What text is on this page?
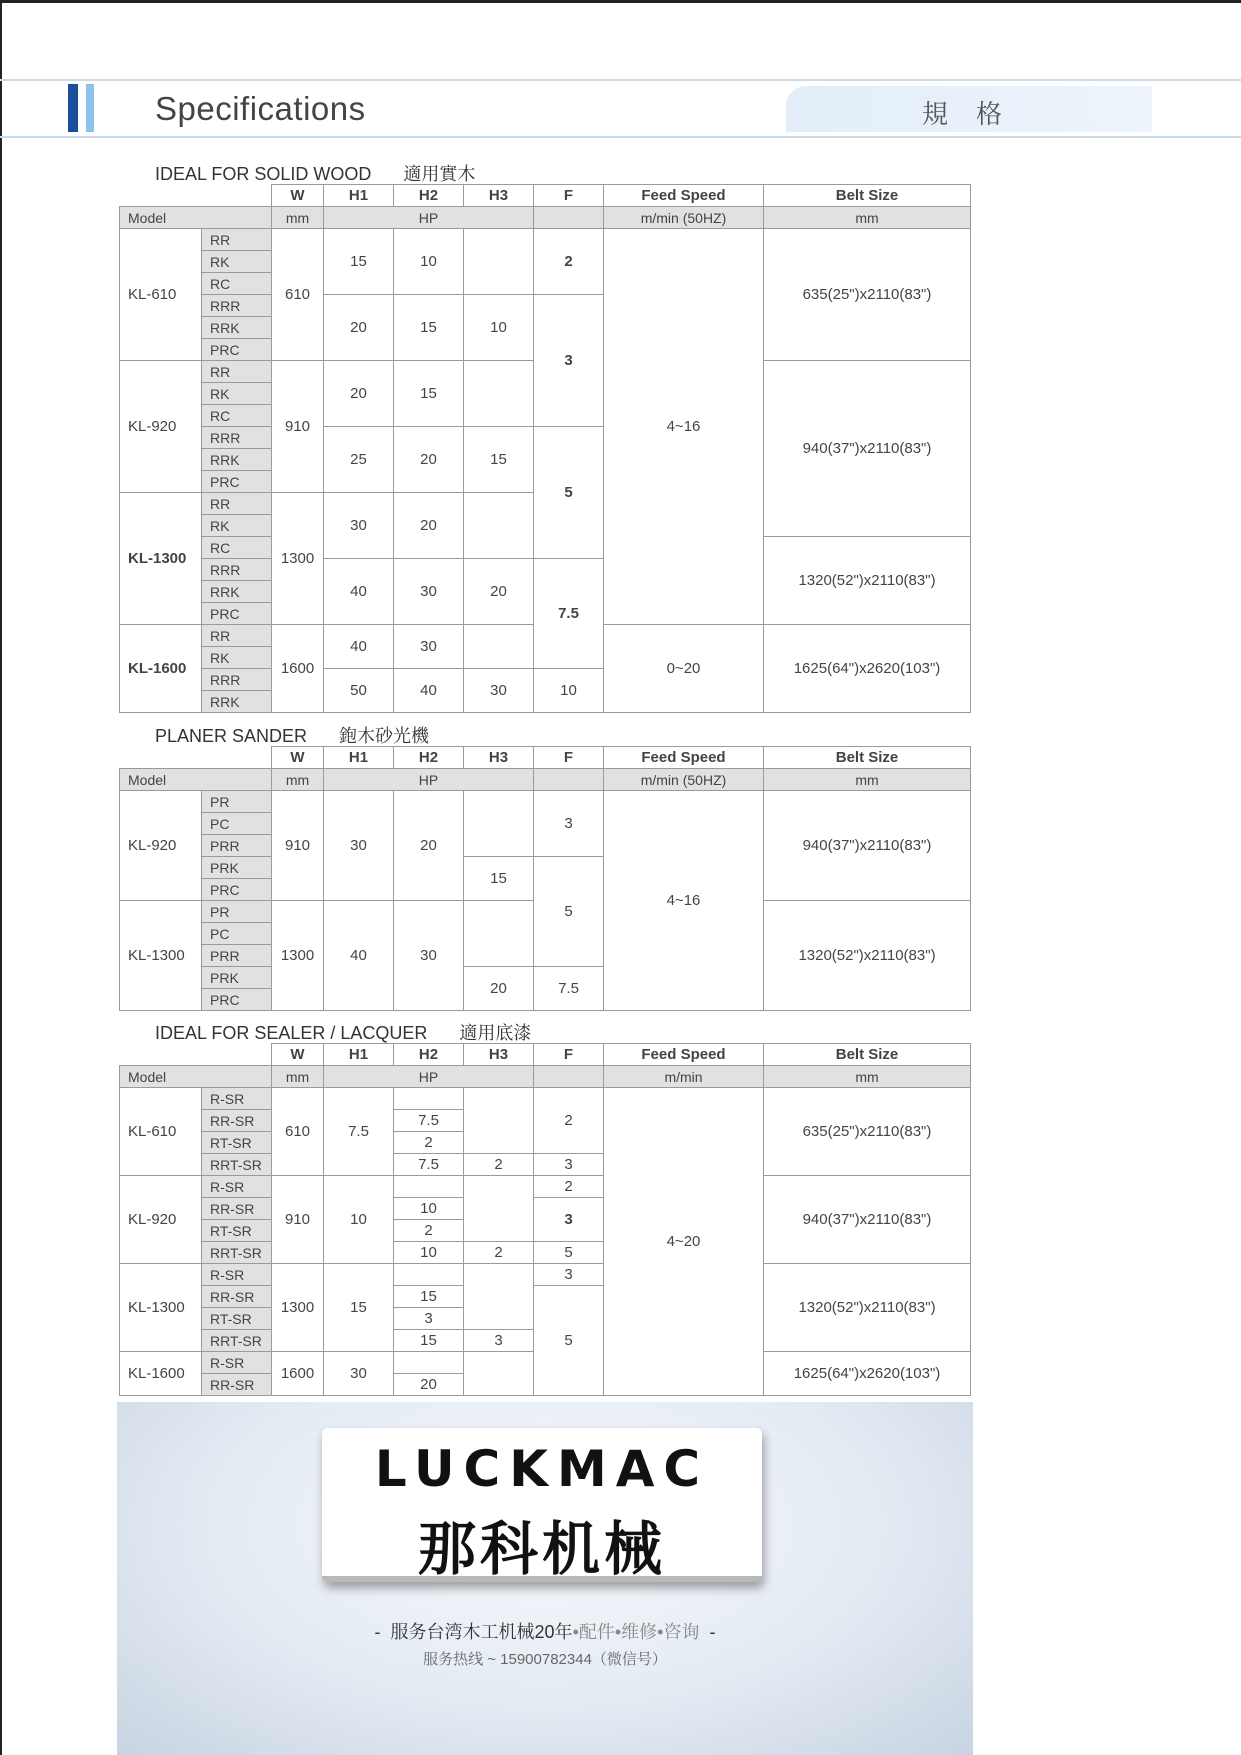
Specifications	規格
IDEAL FOR SOLID WOOD 適用實木
		W	H1	H2	H3	F	Feed Speed	Belt Size
Model		mm	HP				m/min (50HZ)	mm
KL-610	RR	610	15	10		2	4~16	635(25")x2110(83")
	RK							
	RC							
	RRR		20	15	10	3		
	RRK							
	PRC							
KL-920	RR	910	20	15				940(37")x2110(83")
	RK							
	RC							
	RRR		25	20	15	5		
	RRK							
	PRC							
KL-1300	RR	1300	30	20				
	RK							
	RC							1320(52")x2110(83")
	RRR		40	30	20	7.5		
	RRK							
	PRC							
KL-1600	RR	1600	40	30			0~20	1625(64")x2620(103")
	RK							
	RRR		50	40	30	10		
	RRK							
PLANER SANDER 鉋木砂光機
		W	H1	H2	H3	F	Feed Speed	Belt Size
Model		mm	HP				m/min (50HZ)	mm
KL-920	PR	910	30	20		3	4~16	940(37")x2110(83")
	PC							
	PRR							
	PRK				15	5		
	PRC							
KL-1300	PR	1300	40	30				1320(52")x2110(83")
	PC							
	PRR							
	PRK				20	7.5		
	PRC							
IDEAL FOR SEALER / LACQUER 適用底漆
		W	H1	H2	H3	F	Feed Speed	Belt Size
Model		mm	HP				m/min	mm
KL-610	R-SR	610	7.5			2	4~20	635(25")x2110(83")
	RR-SR			7.5				
	RT-SR			2				
	RRT-SR			7.5	2	3		
KL-920	R-SR	910	10			2		940(37")x2110(83")
	RR-SR			10		3		
	RT-SR			2				
	RRT-SR			10	2	5		
KL-1300	R-SR	1300	15			3		1320(52")x2110(83")
	RR-SR			15		5		
	RT-SR			3				
	RRT-SR			15	3			
KL-1600	R-SR	1600	30					1625(64")x2620(103")
	RR-SR			20				
LUCKMAC
那科机械
- 服务台湾木工机械20年•配件•维修•咨询 -
服务热线 ~ 15900782344（微信号）
